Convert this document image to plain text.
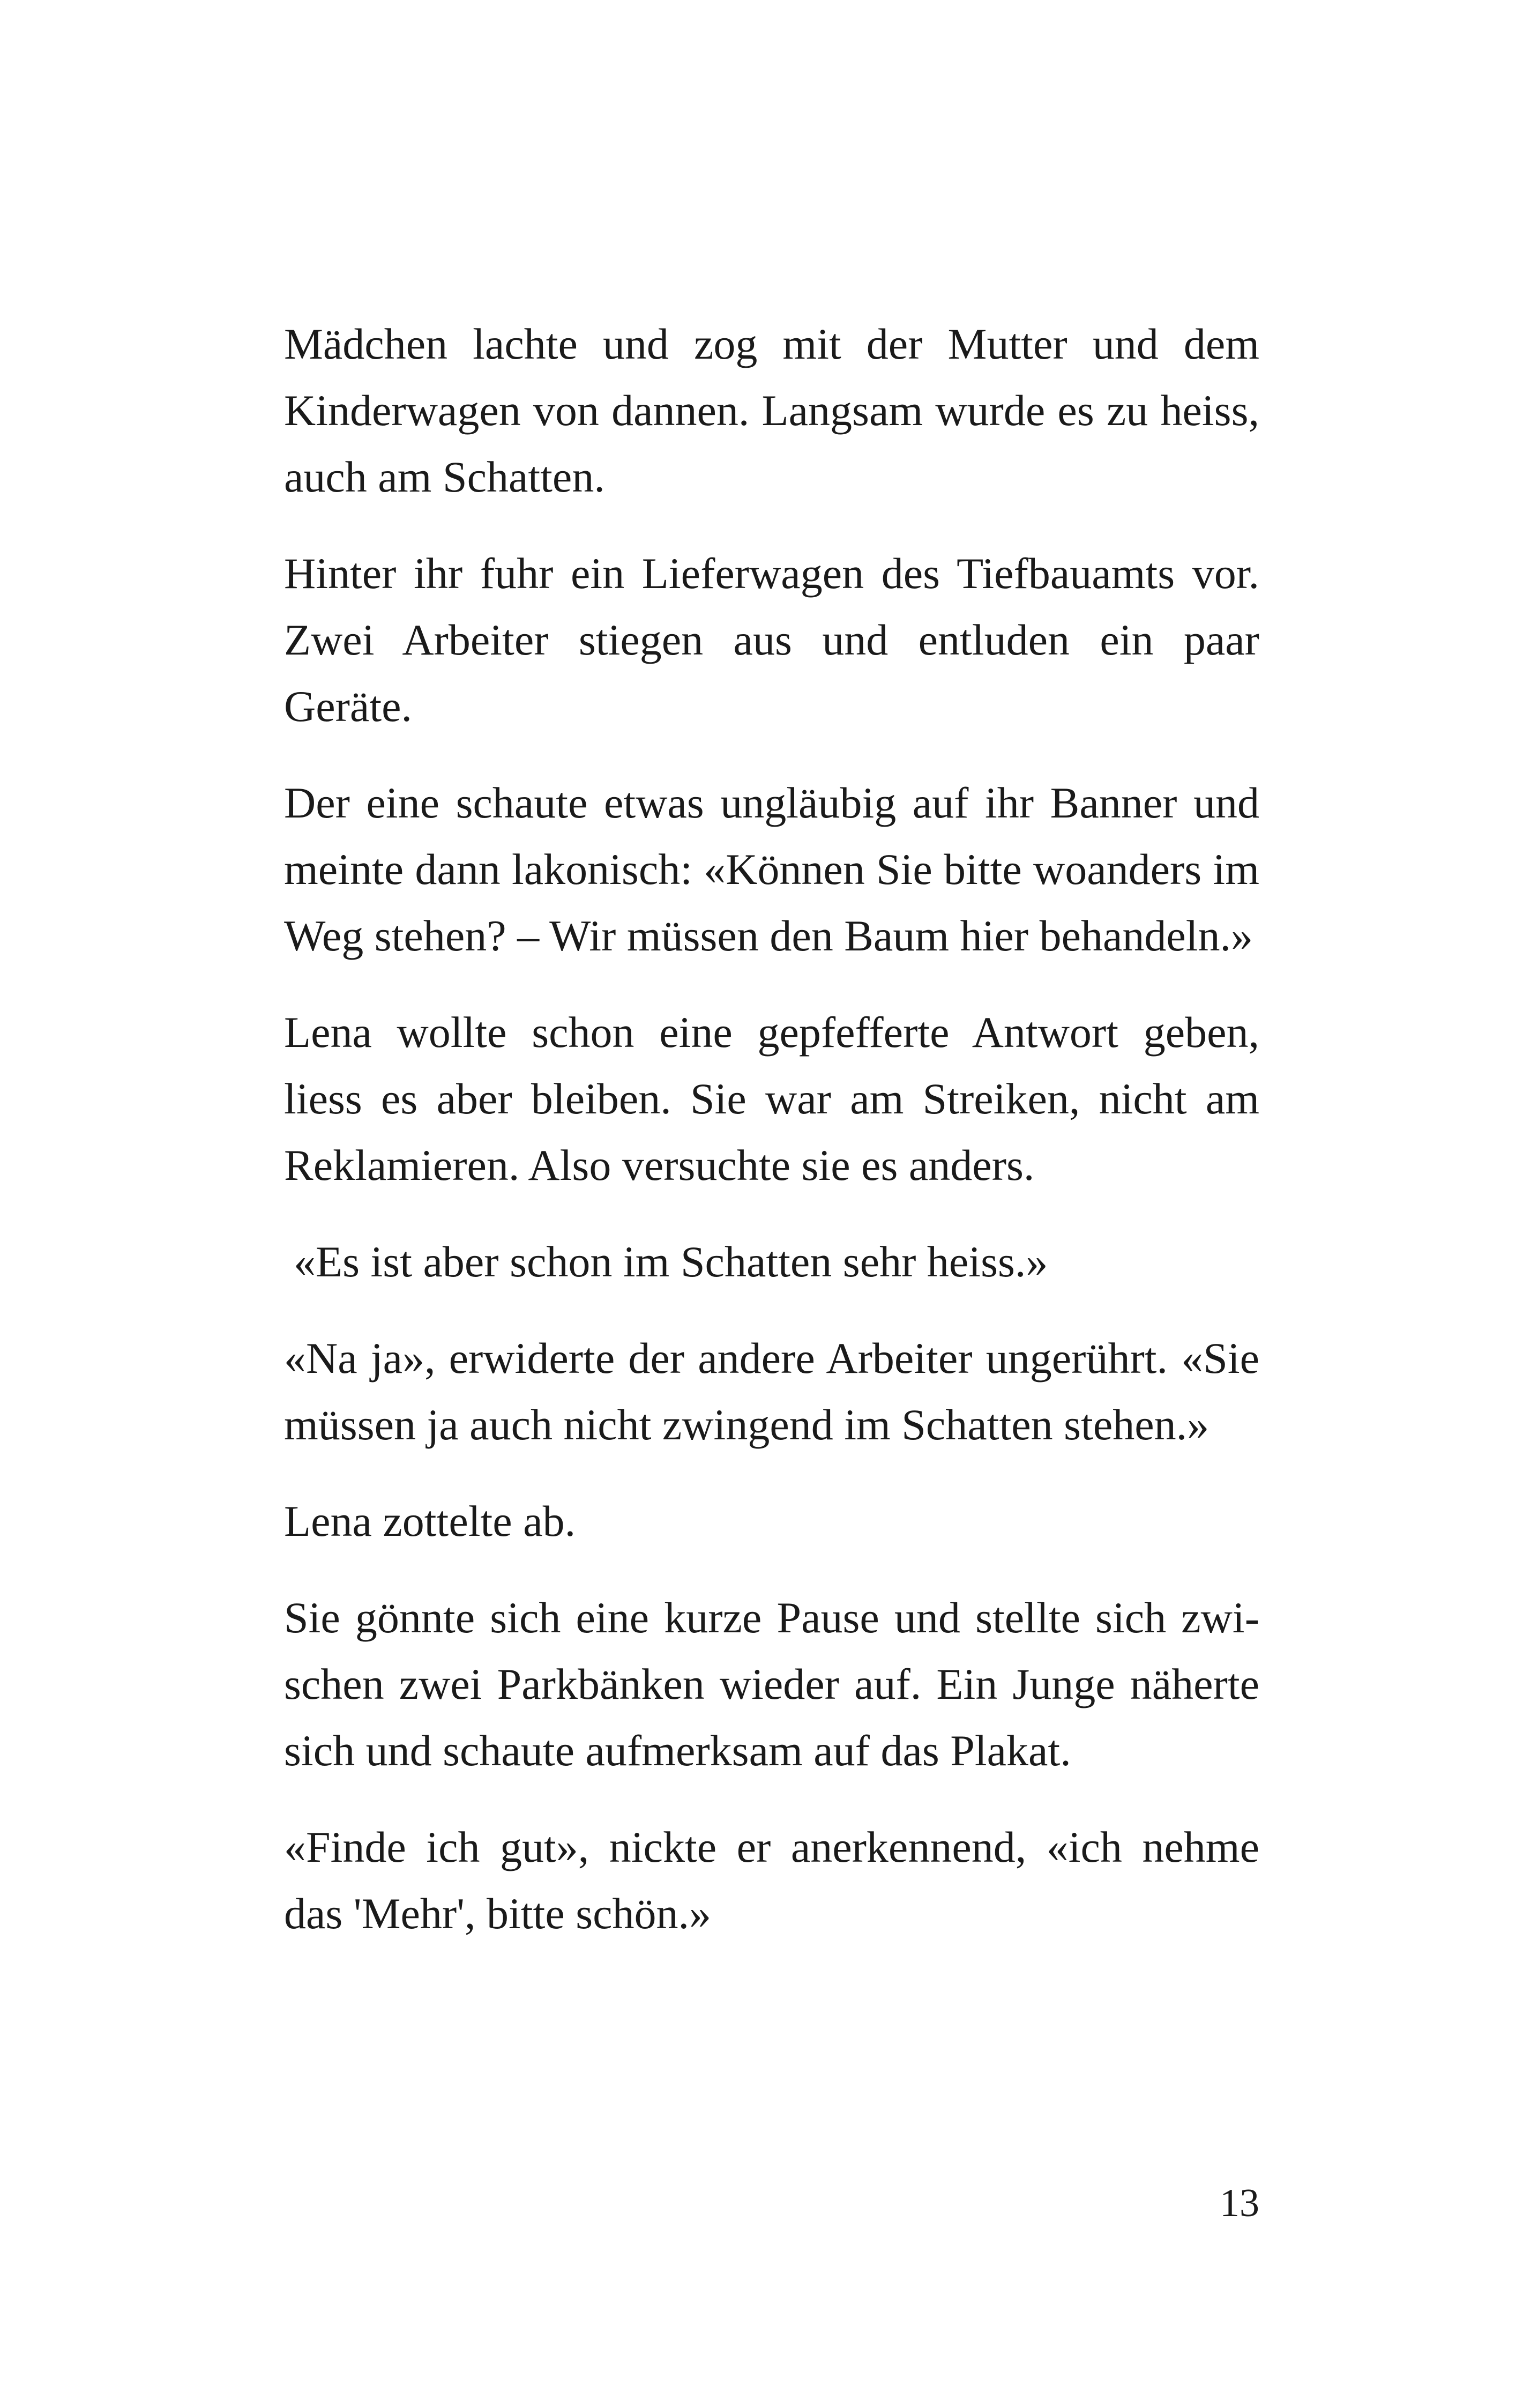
Mädchen lachte und zog mit der Mutter und dem Kinderwagen von dannen. Langsam wurde es zu heiss, auch am Schatten.

Hinter ihr fuhr ein Lieferwagen des Tiefbauamts vor. Zwei Arbeiter stiegen aus und entluden ein paar Geräte.

Der eine schaute etwas ungläubig auf ihr Banner und meinte dann lakonisch: «Können Sie bitte woanders im Weg stehen? – Wir müssen den Baum hier behandeln.»

Lena wollte schon eine gepfefferte Antwort geben, liess es aber bleiben. Sie war am Streiken, nicht am Reklamieren. Also versuchte sie es anders.

«Es ist aber schon im Schatten sehr heiss.»

«Na ja», erwiderte der andere Arbeiter ungerührt. «Sie müssen ja auch nicht zwingend im Schatten stehen.»

Lena zottelte ab.

Sie gönnte sich eine kurze Pause und stellte sich zwischen zwei Parkbänken wieder auf. Ein Junge näherte sich und schaute aufmerksam auf das Plakat.

«Finde ich gut», nickte er anerkennend, «ich nehme das 'Mehr', bitte schön.»

13
